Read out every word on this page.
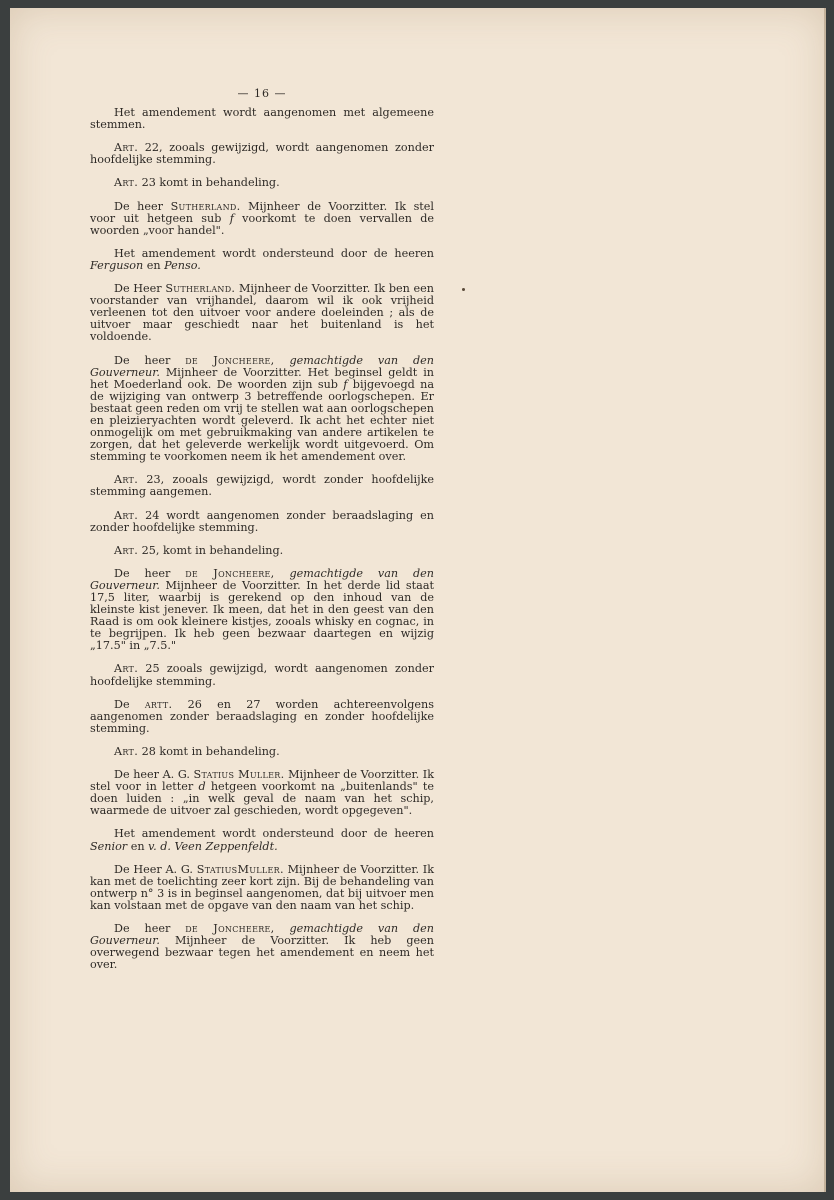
— 16 —

Het amendement wordt aangenomen met algemeene stemmen.

Art. 22, zooals gewijzigd, wordt aangenomen zonder hoofdelijke stemming.

Art. 23 komt in behandeling.

De heer Sutherland. Mijnheer de Voorzitter. Ik stel voor uit hetgeen sub f voorkomt te doen vervallen de woorden „voor handel".

Het amendement wordt ondersteund door de heeren Ferguson en Penso.

De Heer Sutherland. Mijnheer de Voorzitter. Ik ben een voorstander van vrijhandel, daarom wil ik ook vrijheid verleenen tot den uitvoer voor andere doeleinden ; als de uitvoer maar geschiedt naar het buitenland is het voldoende.

De heer de Joncheere, gemachtigde van den Gouverneur. Mijnheer de Voorzitter. Het beginsel geldt in het Moederland ook. De woorden zijn sub f bijgevoegd na de wijziging van ontwerp 3 betreffende oorlogschepen. Er bestaat geen reden om vrij te stellen wat aan oorlogschepen en pleizieryachten wordt geleverd. Ik acht het echter niet onmogelijk om met gebruikmaking van andere artikelen te zorgen, dat het geleverde werkelijk wordt uitgevoerd. Om stemming te voorkomen neem ik het amendement over.

Art. 23, zooals gewijzigd, wordt zonder hoofdelijke stemming aangemen.

Art. 24 wordt aangenomen zonder beraadslaging en zonder hoofdelijke stemming.

Art. 25, komt in behandeling.

De heer de Joncheere, gemachtigde van den Gouverneur. Mijnheer de Voorzitter. In het derde lid staat 17,5 liter, waarbij is gerekend op den inhoud van de kleinste kist jenever. Ik meen, dat het in den geest van den Raad is om ook kleinere kistjes, zooals whisky en cognac, in te begrijpen. Ik heb geen bezwaar daartegen en wijzig „17.5" in „7.5."

Art. 25 zooals gewijzigd, wordt aangenomen zonder hoofdelijke stemming.

De artt. 26 en 27 worden achtereenvolgens aangenomen zonder beraadslaging en zonder hoofdelijke stemming.

Art. 28 komt in behandeling.

De heer A. G. Statius Muller. Mijnheer de Voorzitter. Ik stel voor in letter d hetgeen voorkomt na „buitenlands" te doen luiden : „in welk geval de naam van het schip, waarmede de uitvoer zal geschieden, wordt opgegeven".

Het amendement wordt ondersteund door de heeren Senior en v. d. Veen Zeppenfeldt.

De Heer A. G. StatiusMuller. Mijnheer de Voorzitter. Ik kan met de toelichting zeer kort zijn. Bij de behandeling van ontwerp n° 3 is in beginsel aangenomen, dat bij uitvoer men kan volstaan met de opgave van den naam van het schip.

De heer de Joncheere, gemachtigde van den Gouverneur. Mijnheer de Voorzitter. Ik heb geen overwegend bezwaar tegen het amendement en neem het over.
